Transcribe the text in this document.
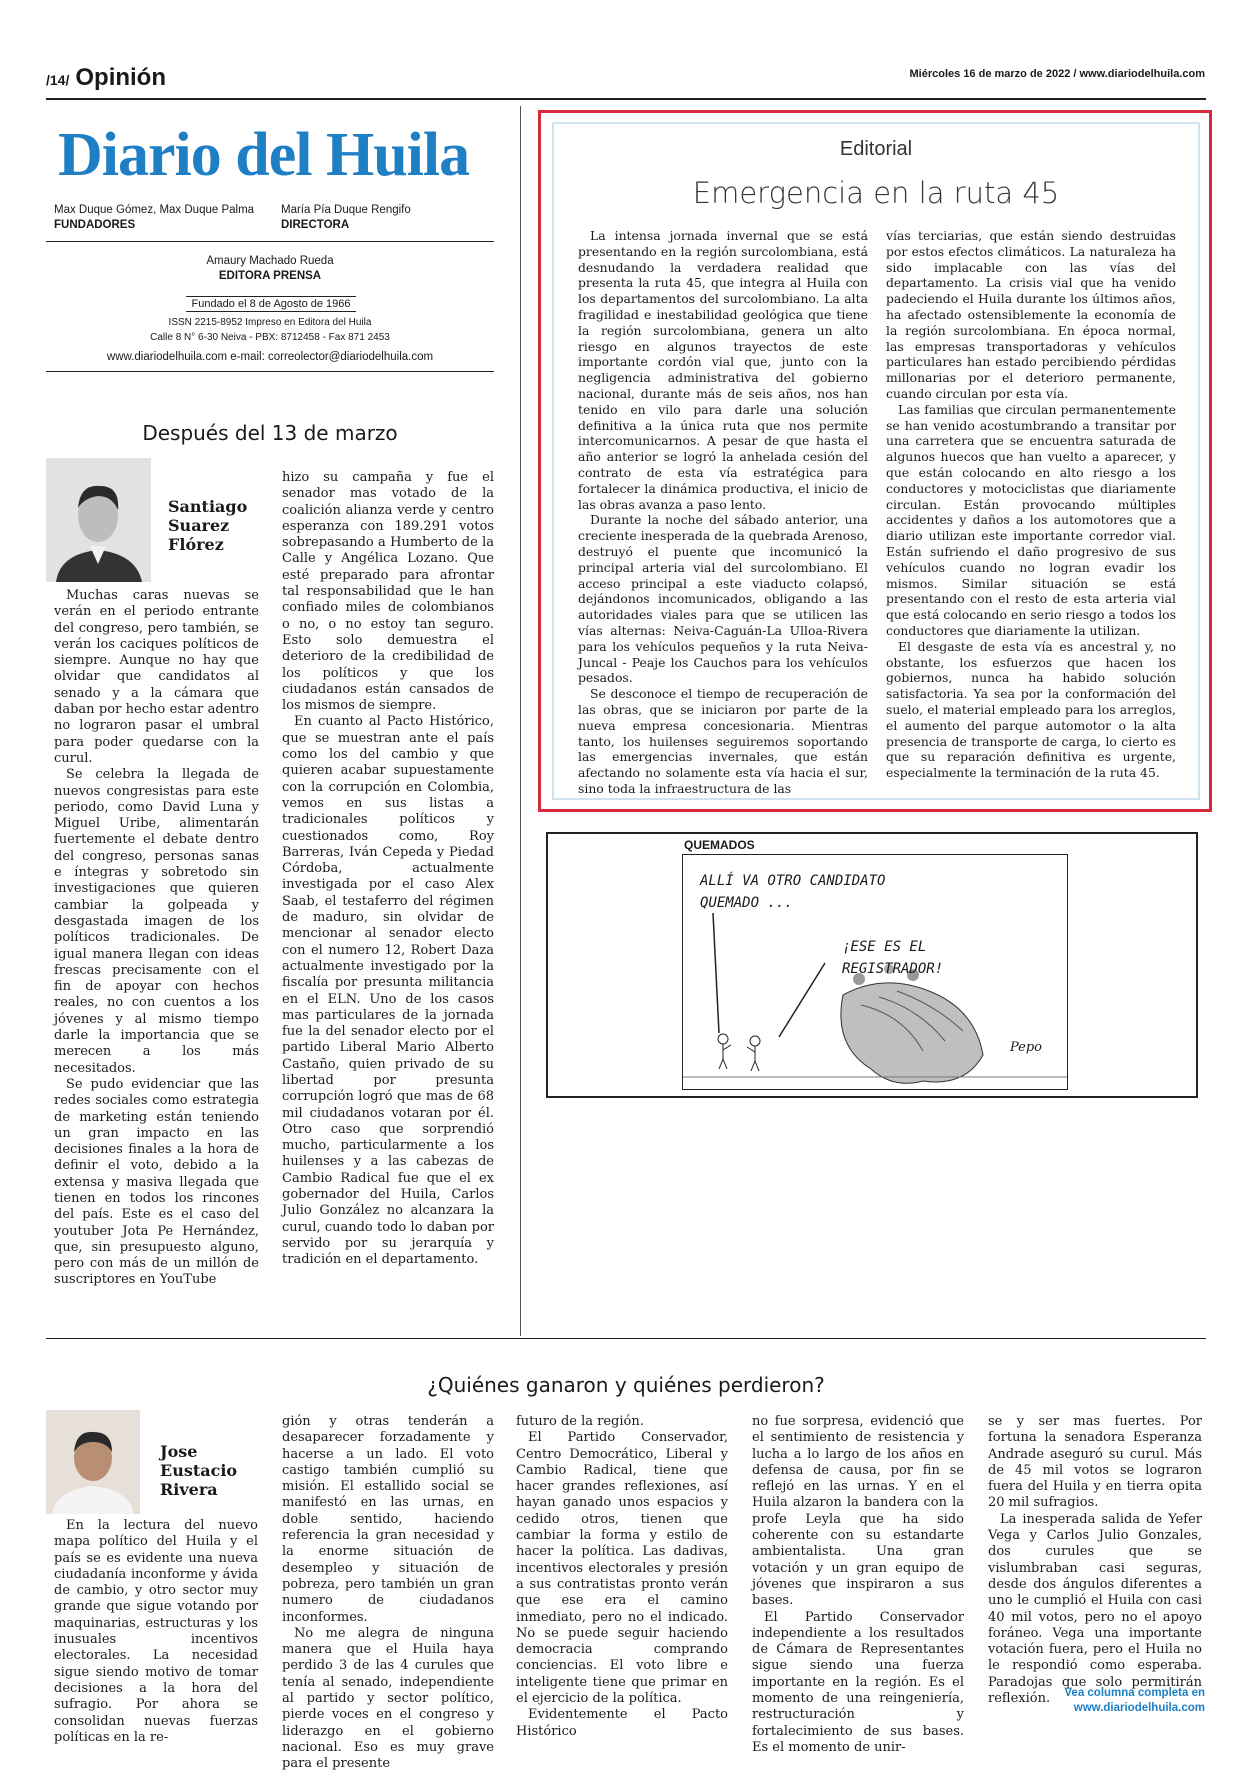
/14/ Opinión	Miércoles 16 de marzo de 2022 / www.diariodelhuila.com
Diario del Huila
Max Duque Gómez, Max Duque Palma
FUNDADORES
María Pía Duque Rengifo
DIRECTORA
Amaury Machado Rueda
EDITORA PRENSA
Fundado el 8 de Agosto de 1966
ISSN 2215-8952 Impreso en Editora del Huila
Calle 8 N° 6-30 Neiva - PBX: 8712458 - Fax 871 2453
www.diariodelhuila.com e-mail: correolector@diariodelhuila.com
Después del 13 de marzo
Santiago
Suarez
Flórez

Muchas caras nuevas se verán en el periodo entrante del congreso, pero también, se verán los caciques políticos de siempre. Aunque no hay que olvidar que candidatos al senado y a la cámara que daban por hecho estar adentro no lograron pasar el umbral para poder quedarse con la curul.

Se celebra la llegada de nuevos congresistas para este periodo, como David Luna y Miguel Uribe, alimentarán fuertemente el debate dentro del congreso, personas sanas e íntegras y sobretodo sin investigaciones que quieren cambiar la golpeada y desgastada imagen de los políticos tradicionales. De igual manera llegan con ideas frescas precisamente con el fin de apoyar con hechos reales, no con cuentos a los jóvenes y al mismo tiempo darle la importancia que se merecen a los más necesitados.

Se pudo evidenciar que las redes sociales como estrategia de marketing están teniendo un gran impacto en las decisiones finales a la hora de definir el voto, debido a la extensa y masiva llegada que tienen en todos los rincones del país. Este es el caso del youtuber Jota Pe Hernández, que, sin presupuesto alguno, pero con más de un millón de suscriptores en YouTube

hizo su campaña y fue el senador mas votado de la coalición alianza verde y centro esperanza con 189.291 votos sobrepasando a Humberto de la Calle y Angélica Lozano. Que esté preparado para afrontar tal responsabilidad que le han confiado miles de colombianos o no, o no estoy tan seguro. Esto solo demuestra el deterioro de la credibilidad de los políticos y que los ciudadanos están cansados de los mismos de siempre.

En cuanto al Pacto Histórico, que se muestran ante el país como los del cambio y que quieren acabar supuestamente con la corrupción en Colombia, vemos en sus listas a tradicionales políticos y cuestionados como, Roy Barreras, Iván Cepeda y Piedad Córdoba, actualmente investigada por el caso Alex Saab, el testaferro del régimen de maduro, sin olvidar de mencionar al senador electo con el numero 12, Robert Daza actualmente investigado por la fiscalía por presunta militancia en el ELN. Uno de los casos mas particulares de la jornada fue la del senador electo por el partido Liberal Mario Alberto Castaño, quien privado de su libertad por presunta corrupción logró que mas de 68 mil ciudadanos votaran por él. Otro caso que sorprendió mucho, particularmente a los huilenses y a las cabezas de Cambio Radical fue que el ex gobernador del Huila, Carlos Julio González no alcanzara la curul, cuando todo lo daban por servido por su jerarquía y tradición en el departamento.

Editorial
Emergencia en la ruta 45

La intensa jornada invernal que se está presentando en la región surcolombiana, está desnudando la verdadera realidad que presenta la ruta 45, que integra al Huila con los departamentos del surcolombiano. La alta fragilidad e inestabilidad geológica que tiene la región surcolombiana, genera un alto riesgo en algunos trayectos de este importante cordón vial que, junto con la negligencia administrativa del gobierno nacional, durante más de seis años, nos han tenido en vilo para darle una solución definitiva a la única ruta que nos permite intercomunicarnos. A pesar de que hasta el año anterior se logró la anhelada cesión del contrato de esta vía estratégica para fortalecer la dinámica productiva, el inicio de las obras avanza a paso lento.

Durante la noche del sábado anterior, una creciente inesperada de la quebrada Arenoso, destruyó el puente que incomunicó la principal arteria vial del surcolombiano. El acceso principal a este viaducto colapsó, dejándonos incomunicados, obligando a las autoridades viales para que se utilicen las vías alternas: Neiva-Caguán-La Ulloa-Rivera para los vehículos pequeños y la ruta Neiva- Juncal - Peaje los Cauchos para los vehículos pesados.

Se desconoce el tiempo de recuperación de las obras, que se iniciaron por parte de la nueva empresa concesionaria. Mientras tanto, los huilenses seguiremos soportando las emergencias invernales, que están afectando no solamente esta vía hacia el sur, sino toda la infraestructura de las

vías terciarias, que están siendo destruidas por estos efectos climáticos. La naturaleza ha sido implacable con las vías del departamento. La crisis vial que ha venido padeciendo el Huila durante los últimos años, ha afectado ostensiblemente la economía de la región surcolombiana. En época normal, las empresas transportadoras y vehículos particulares han estado percibiendo pérdidas millonarias por el deterioro permanente, cuando circulan por esta vía.

Las familias que circulan permanentemente se han venido acostumbrando a transitar por una carretera que se encuentra saturada de algunos huecos que han vuelto a aparecer, y que están colocando en alto riesgo a los conductores y motociclistas que diariamente circulan. Están provocando múltiples accidentes y daños a los automotores que a diario utilizan este importante corredor vial. Están sufriendo el daño progresivo de sus vehículos cuando no logran evadir los mismos. Similar situación se está presentando con el resto de esta arteria vial que está colocando en serio riesgo a todos los conductores que diariamente la utilizan.

El desgaste de esta vía es ancestral y, no obstante, los esfuerzos que hacen los gobiernos, nunca ha habido solución satisfactoria. Ya sea por la conformación del suelo, el material empleado para los arreglos, el aumento del parque automotor o la alta presencia de transporte de carga, lo cierto es que su reparación definitiva es urgente, especialmente la terminación de la ruta 45.

QUEMADOS
ALLÍ VA OTRO CANDIDATO
QUEMADO ...
¡ESE ES EL
REGISTRADOR!
Pepo
¿Quiénes ganaron y quiénes perdieron?
Jose
Eustacio
Rivera

En la lectura del nuevo mapa político del Huila y el país se es evidente una nueva ciudadanía inconforme y ávida de cambio, y otro sector muy grande que sigue votando por maquinarias, estructuras y los inusuales incentivos electorales. La necesidad sigue siendo motivo de tomar decisiones a la hora del sufragio. Por ahora se consolidan nuevas fuerzas políticas en la re-

gión y otras tenderán a desaparecer forzadamente y hacerse a un lado. El voto castigo también cumplió su misión. El estallido social se manifestó en las urnas, en doble sentido, haciendo referencia la gran necesidad y la enorme situación de desempleo y situación de pobreza, pero también un gran numero de ciudadanos inconformes.

No me alegra de ninguna manera que el Huila haya perdido 3 de las 4 curules que tenía al senado, independiente al partido y sector político, pierde voces en el congreso y liderazgo en el gobierno nacional. Eso es muy grave para el presente

futuro de la región.

El Partido Conservador, Centro Democrático, Liberal y Cambio Radical, tiene que hacer grandes reflexiones, así hayan ganado unos espacios y cedido otros, tienen que cambiar la forma y estilo de hacer la política. Las dadivas, incentivos electorales y presión a sus contratistas pronto verán que ese era el camino inmediato, pero no el indicado. No se puede seguir haciendo democracia comprando conciencias. El voto libre e inteligente tiene que primar en el ejercicio de la política.

Evidentemente el Pacto Histórico

no fue sorpresa, evidenció que el sentimiento de resistencia y lucha a lo largo de los años en defensa de causa, por fin se reflejó en las urnas. Y en el Huila alzaron la bandera con la profe Leyla que ha sido coherente con su estandarte ambientalista. Una gran votación y un gran equipo de jóvenes que inspiraron a sus bases.

El Partido Conservador independiente a los resultados de Cámara de Representantes sigue siendo una fuerza importante en la región. Es el momento de una reingeniería, restructuración y fortalecimiento de sus bases. Es el momento de unir-

se y ser mas fuertes. Por fortuna la senadora Esperanza Andrade aseguró su curul. Más de 45 mil votos se lograron fuera del Huila y en tierra opita 20 mil sufragios.

La inesperada salida de Yefer Vega y Carlos Julio Gonzales, dos curules que se vislumbraban casi seguras, desde dos ángulos diferentes a uno le cumplió el Huila con casi 40 mil votos, pero no el apoyo foráneo. Vega una importante votación fuera, pero el Huila no le respondió como esperaba. Paradojas que solo permitirán reflexión.	Vea columna completa en
www.diariodelhuila.com
